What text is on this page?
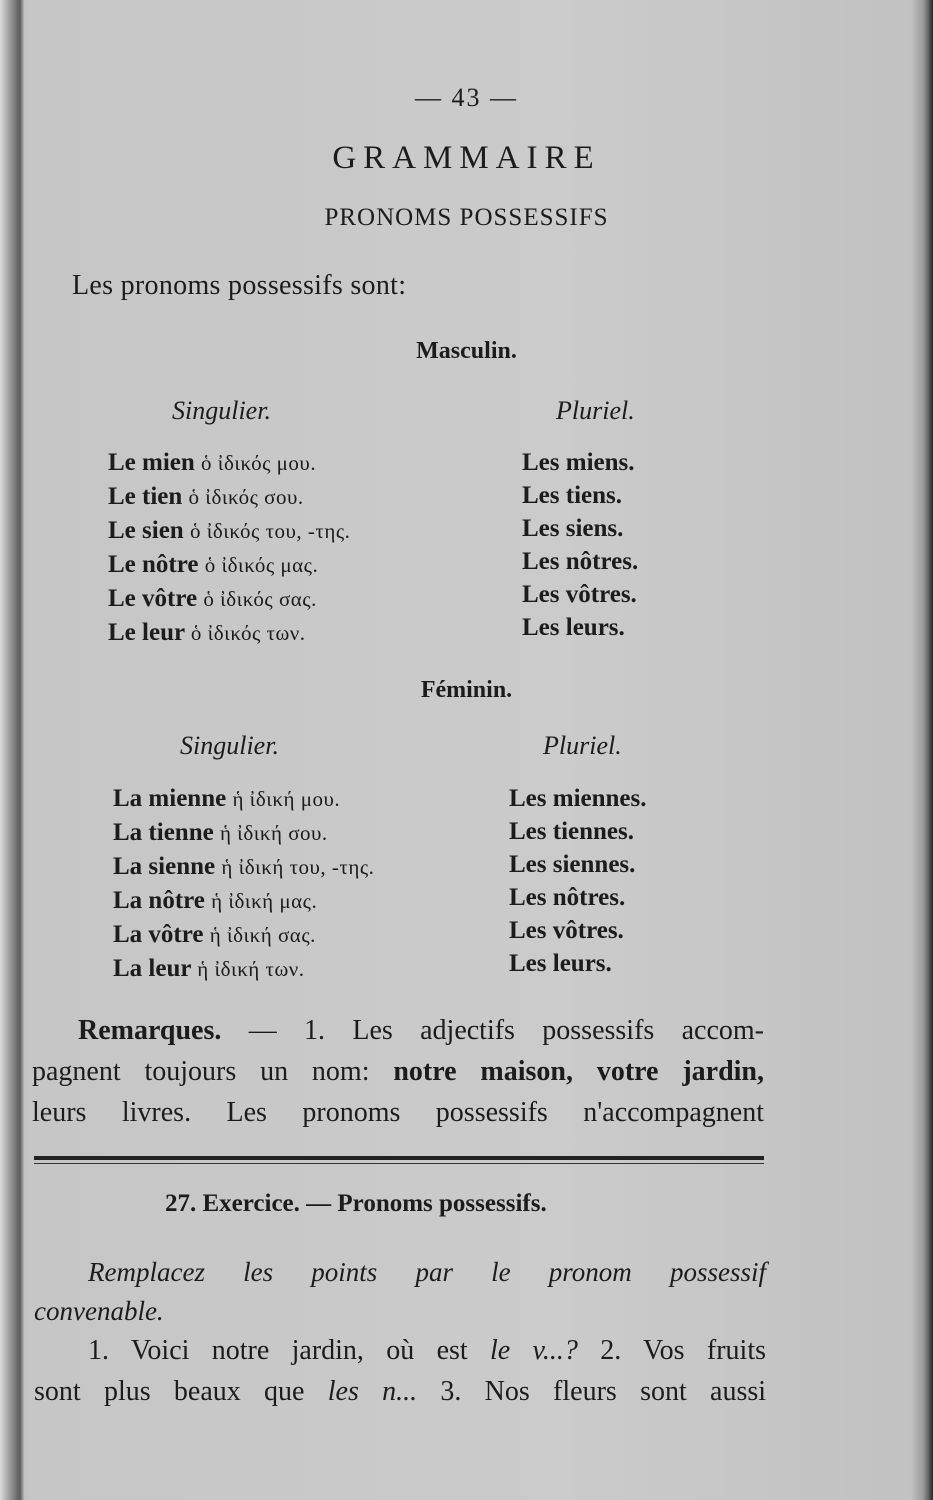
— 43 —
GRAMMAIRE
PRONOMS POSSESSIFS
Les pronoms possessifs sont:
Masculin.
Singulier.	Pluriel.
Le mien ὁ ἰδικός μου.
Le tien ὁ ἰδικός σου.
Le sien ὁ ἰδικός του, -της.
Le nôtre ὁ ἰδικός μας.
Le vôtre ὁ ἰδικός σας.
Le leur ὁ ἰδικός των.
Les miens.
Les tiens.
Les siens.
Les nôtres.
Les vôtres.
Les leurs.
Féminin.
Singulier.	Pluriel.
La mienne ἡ ἰδική μου.
La tienne ἡ ἰδική σου.
La sienne ἡ ἰδική του, -της.
La nôtre ἡ ἰδική μας.
La vôtre ἡ ἰδική σας.
La leur ἡ ἰδική των.
Les miennes.
Les tiennes.
Les siennes.
Les nôtres.
Les vôtres.
Les leurs.
Remarques. — 1. Les adjectifs possessifs accom-
pagnent toujours un nom: notre maison, votre jardin,
leurs livres. Les pronoms possessifs n'accompagnent
27. Exercice. — Pronoms possessifs.
Remplacez les points par le pronom possessif
convenable.
1. Voici notre jardin, où est le v...? 2. Vos fruits
sont plus beaux que les n... 3. Nos fleurs sont aussi
